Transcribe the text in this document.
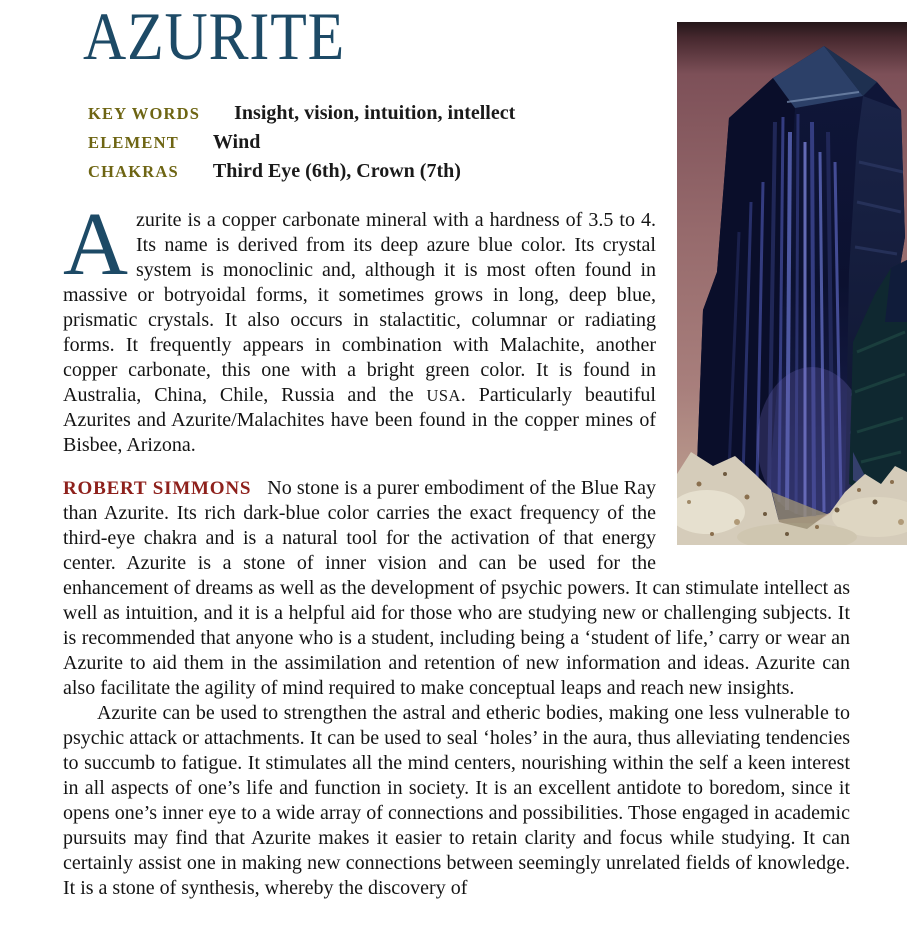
AZURITE
KEY WORDS Insight, vision, intuition, intellect
ELEMENT Wind
CHAKRAS Third Eye (6th), Crown (7th)

Azurite is a copper carbonate mineral with a hardness of 3.5 to 4. Its name is derived from its deep azure blue color. Its crystal system is monoclinic and, although it is most often found in massive or botryoidal forms, it sometimes grows in long, deep blue, prismatic crystals. It also occurs in stalactitic, columnar or radiating forms. It frequently appears in combination with Malachite, another copper carbonate, this one with a bright green color. It is found in Australia, China, Chile, Russia and the USA. Particularly beautiful Azurites and Azurite/Malachites have been found in the copper mines of Bisbee, Arizona.

ROBERT SIMMONS No stone is a purer embodiment of the Blue Ray than Azurite. Its rich dark-blue color carries the exact frequency of the third-eye chakra and is a natural tool for the activation of that energy center. Azurite is a stone of inner vision and can be used for the enhancement of dreams as well as the development of psychic powers. It can stimulate intellect as well as intuition, and it is a helpful aid for those who are studying new or challenging subjects. It is recommended that anyone who is a student, including being a ‘student of life,’ carry or wear an Azurite to aid them in the assimilation and retention of new information and ideas. Azurite can also facilitate the agility of mind required to make conceptual leaps and reach new insights.

Azurite can be used to strengthen the astral and etheric bodies, making one less vulnerable to psychic attack or attachments. It can be used to seal ‘holes’ in the aura, thus alleviating tendencies to succumb to fatigue. It stimulates all the mind centers, nourishing within the self a keen interest in all aspects of one’s life and function in society. It is an excellent antidote to boredom, since it opens one’s inner eye to a wide array of connections and possibilities. Those engaged in academic pursuits may find that Azurite makes it easier to retain clarity and focus while studying. It can certainly assist one in making new connections between seemingly unrelated fields of knowledge. It is a stone of synthesis, whereby the discovery of
